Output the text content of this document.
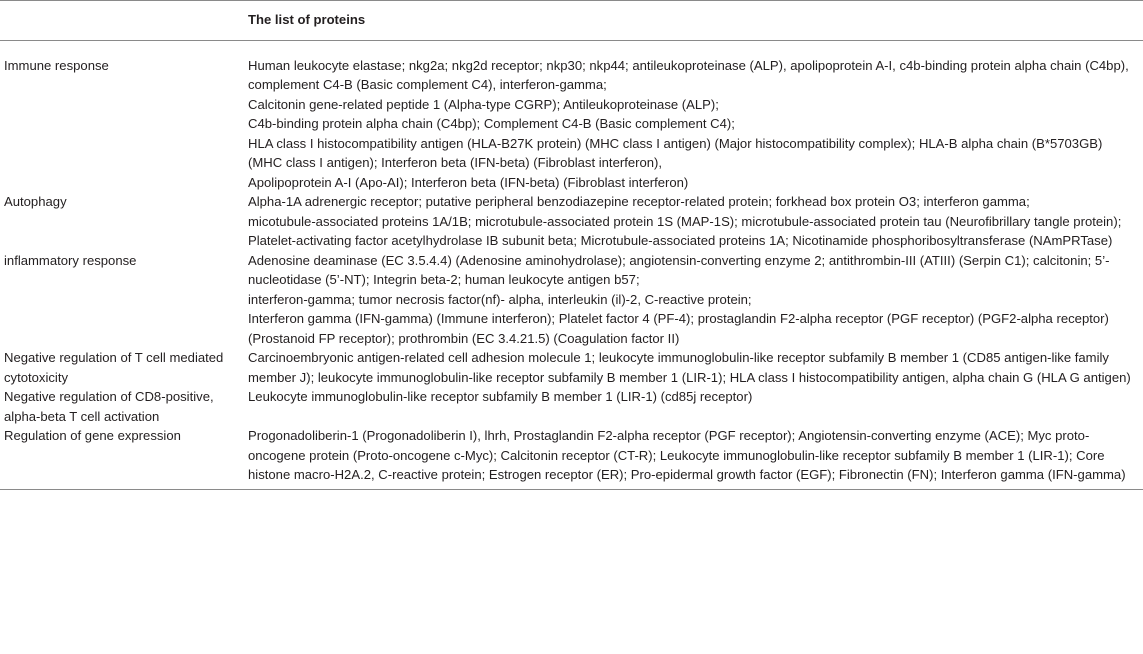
	The list of proteins
Immune response	Human leukocyte elastase; nkg2a; nkg2d receptor; nkp30; nkp44; antileukoproteinase (ALP), apolipoprotein A-I, c4b-binding protein alpha chain (C4bp), complement C4-B (Basic complement C4), interferon-gamma;
Calcitonin gene-related peptide 1 (Alpha-type CGRP); Antileukoproteinase (ALP);
C4b-binding protein alpha chain (C4bp); Complement C4-B (Basic complement C4);
HLA class I histocompatibility antigen (HLA-B27K protein) (MHC class I antigen) (Major histocompatibility complex); HLA-B alpha chain (B*5703GB) (MHC class I antigen); Interferon beta (IFN-beta) (Fibroblast interferon),
Apolipoprotein A-I (Apo-AI); Interferon beta (IFN-beta) (Fibroblast interferon)

Autophagy	Alpha-1A adrenergic receptor; putative peripheral benzodiazepine receptor-related protein; forkhead box protein O3; interferon gamma;
micotubule-associated proteins 1A/1B; microtubule-associated protein 1S (MAP-1S); microtubule-associated protein tau (Neurofibrillary tangle protein); Platelet-activating factor acetylhydrolase IB subunit beta; Microtubule-associated proteins 1A; Nicotinamide phosphoribosyltransferase (NAmPRTase)

inflammatory response	Adenosine deaminase (EC 3.5.4.4) (Adenosine aminohydrolase); angiotensin-converting enzyme 2; antithrombin-III (ATIII) (Serpin C1); calcitonin; 5’-nucleotidase (5’-NT); Integrin beta-2; human leukocyte antigen b57;
interferon-gamma; tumor necrosis factor(nf)- alpha, interleukin (il)-2, C-reactive protein;
Interferon gamma (IFN-gamma) (Immune interferon); Platelet factor 4 (PF-4); prostaglandin F2-alpha receptor (PGF receptor) (PGF2-alpha receptor) (Prostanoid FP receptor); prothrombin (EC 3.4.21.5) (Coagulation factor II)

Negative regulation of T cell mediated cytotoxicity	Carcinoembryonic antigen-related cell adhesion molecule 1; leukocyte immunoglobulin-like receptor subfamily B member 1 (CD85 antigen-like family member J); leukocyte immunoglobulin-like receptor subfamily B member 1 (LIR-1); HLA class I histocompatibility antigen, alpha chain G (HLA G antigen)

Negative regulation of CD8-positive, alpha-beta T cell activation	Leukocyte immunoglobulin-like receptor subfamily B member 1 (LIR-1) (cd85j receptor)

Regulation of gene expression	Progonadoliberin-1 (Progonadoliberin I), lhrh, Prostaglandin F2-alpha receptor (PGF receptor); Angiotensin-converting enzyme (ACE); Myc proto-oncogene protein (Proto-oncogene c-Myc); Calcitonin receptor (CT-R); Leukocyte immunoglobulin-like receptor subfamily B member 1 (LIR-1); Core histone macro-H2A.2, C-reactive protein; Estrogen receptor (ER); Pro-epidermal growth factor (EGF); Fibronectin (FN); Interferon gamma (IFN-gamma)
